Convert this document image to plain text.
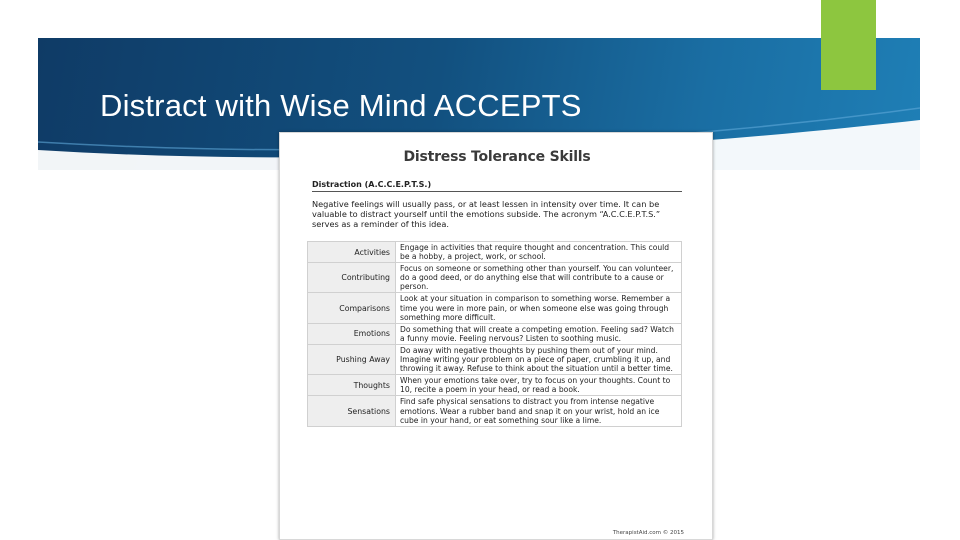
Distract with Wise Mind ACCEPTS
Distress Tolerance Skills
Distraction (A.C.C.E.P.T.S.)
Negative feelings will usually pass, or at least lessen in intensity over time. It can be valuable to distract yourself until the emotions subside. The acronym “A.C.C.E.P.T.S.” serves as a reminder of this idea.
Activities	Engage in activities that require thought and concentration. This could be a hobby, a project, work, or school.
Contributing	Focus on someone or something other than yourself. You can volunteer, do a good deed, or do anything else that will contribute to a cause or person.
Comparisons	Look at your situation in comparison to something worse. Remember a time you were in more pain, or when someone else was going through something more difficult.
Emotions	Do something that will create a competing emotion. Feeling sad? Watch a funny movie. Feeling nervous? Listen to soothing music.
Pushing Away	Do away with negative thoughts by pushing them out of your mind. Imagine writing your problem on a piece of paper, crumbling it up, and throwing it away. Refuse to think about the situation until a better time.
Thoughts	When your emotions take over, try to focus on your thoughts. Count to 10, recite a poem in your head, or read a book.
Sensations	Find safe physical sensations to distract you from intense negative emotions. Wear a rubber band and snap it on your wrist, hold an ice cube in your hand, or eat something sour like a lime.
TherapistAid.com © 2015
